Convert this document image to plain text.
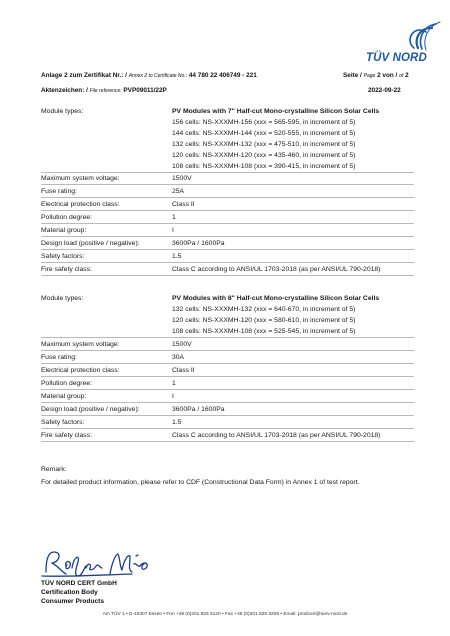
TÜV NORD
Anlage 2 zum Zertifikat Nr.: / Annex 2 to Certificate No.: 44 780 22 406749 - 221	Seite / Page 2 von / of 2
Aktenzeichen: / File reference: PVP09011/22P	2022-09-22
Module types:	PV Modules with 7'' Half-cut Mono-crystalline Silicon Solar Cells
156 cells: NS-XXXMH-156 (xxx = 565-595, in increment of 5)
144 cells: NS-XXXMH-144 (xxx = 520-555, in increment of 5)
132 cells: NS-XXXMH-132 (xxx = 475-510, in increment of 5)
120 cells: NS-XXXMH-120 (xxx = 435-460, in increment of 5)
108 cells: NS-XXXMH-108 (xxx = 390-415, in increment of 5)
Maximum system voltage:	1500V
Fuse rating:	25A
Electrical protection class:	Class II
Pollution degree:	1
Material group:	I
Design load (positive / negative):	3600Pa / 1600Pa
Safety factors:	1.5
Fire safety class:	Class C according to ANSI/UL 1703-2018 (as per ANSI/UL 790-2018)
Module types:	PV Modules with 8'' Half-cut Mono-crystalline Silicon Solar Cells
132 cells: NS-XXXMH-132 (xxx = 640-670, in increment of 5)
120 cells: NS-XXXMH-120 (xxx = 580-610, in increment of 5)
108 cells: NS-XXXMH-108 (xxx = 525-545, in increment of 5)
Maximum system voltage:	1500V
Fuse rating:	30A
Electrical protection class:	Class II
Pollution degree:	1
Material group:	I
Design load (positive / negative):	3600Pa / 1600Pa
Safety factors:	1.5
Fire safety class:	Class C according to ANSI/UL 1703-2018 (as per ANSI/UL 790-2018)
Remark:
For detailed product information, please refer to CDF (Constructional Data Form) in Annex 1 of test report.
TÜV NORD CERT GmbH
Certification Body
Consumer Products
Am TÜV 1 • D-45307 Essen • Fon +49 (0)201 825 5120 • Fax +49 (0)201 825 3209 • Email: prodcert@tuev-nord.de
